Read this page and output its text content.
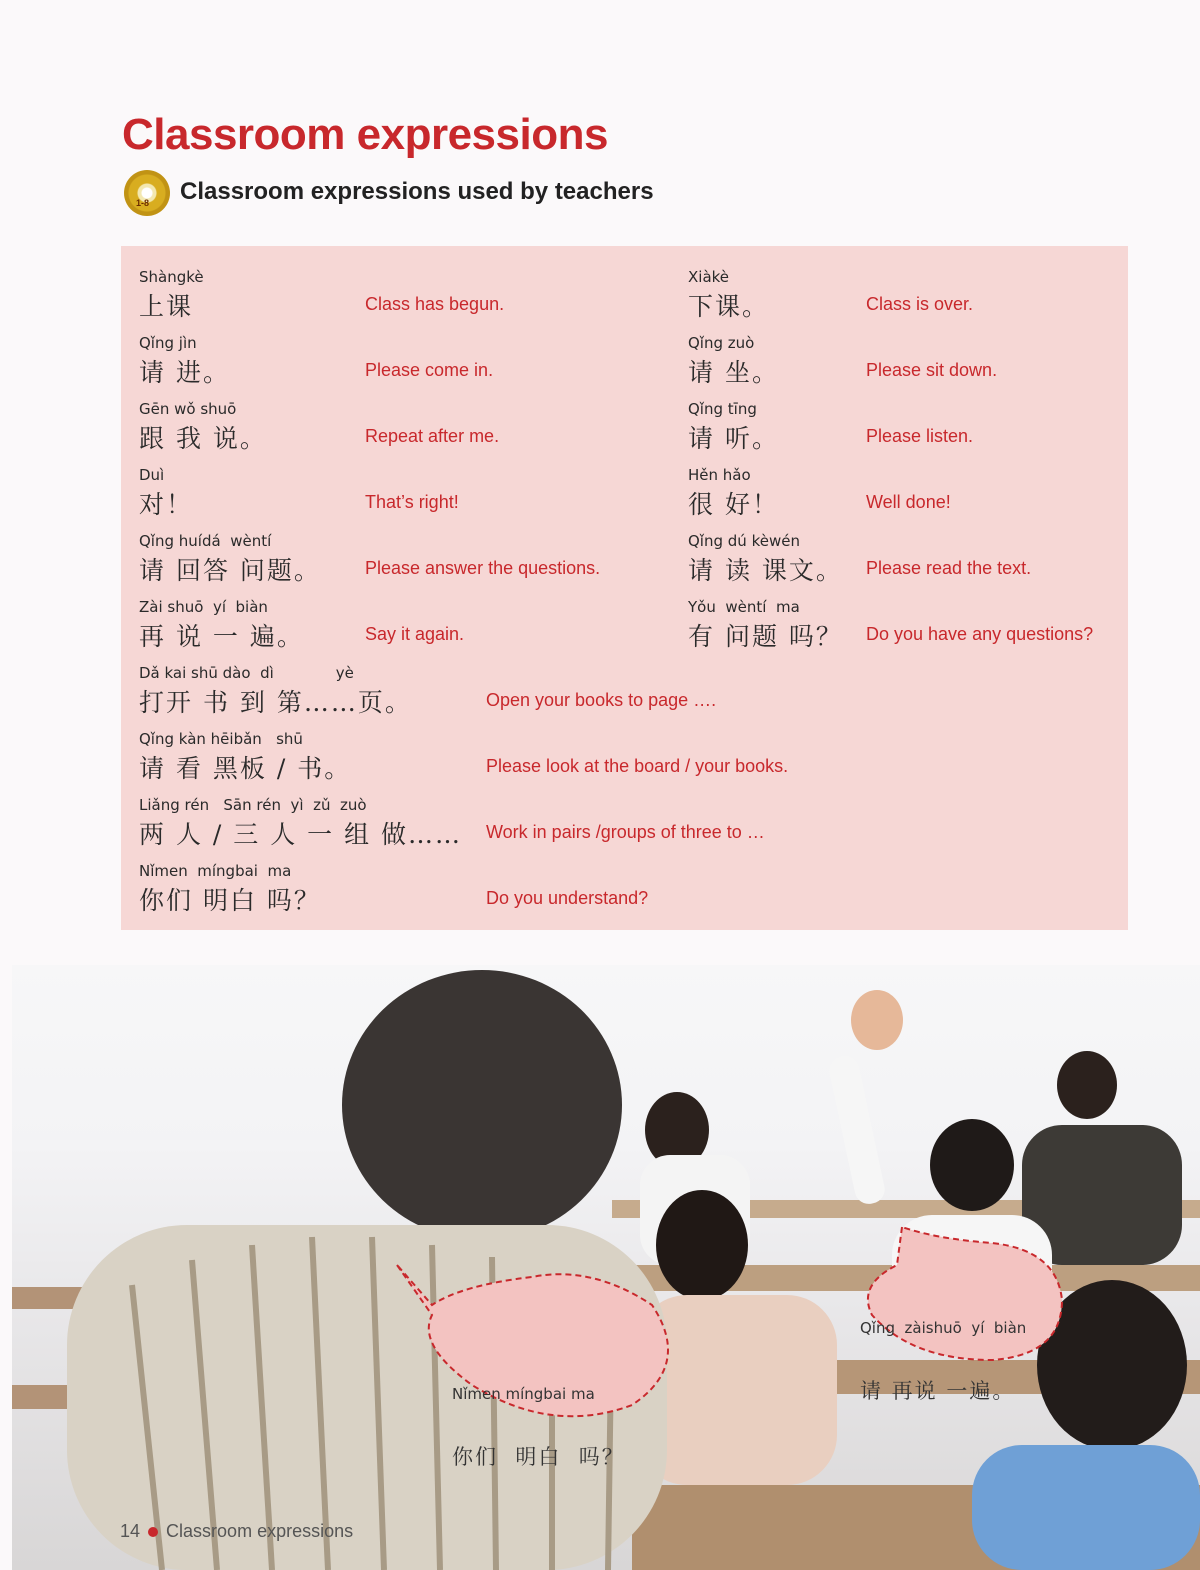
Classroom expressions
1-8 Classroom expressions used by teachers
Shàngkè
上课	Class has begun.
Xiàkè
下课。	Class is over.
Qǐng jìn
请 进。	Please come in.
Qǐng zuò
请 坐。	Please sit down.
Gēn wǒ shuō
跟 我 说。	Repeat after me.
Qǐng tīng
请 听。	Please listen.
Duì
对！	That’s right!
Hěn hǎo
很 好！	Well done!
Qǐng huídá  wèntí
请 回答 问题。 Please answer the questions.
Qǐng dú kèwén
请 读 课文。 Please read the text.
Zài shuō  yí  biàn
再 说 一 遍。	Say it again.
Yǒu  wèntí  ma
有 问题 吗？ Do you have any questions?
Dǎ kai shū dào  dì             yè
打开 书 到 第……页。	Open your books to page ….
Qǐng kàn hēibǎn   shū
请 看 黑板 / 书。	Please look at the board / your books.
Liǎng rén   Sān rén  yì  zǔ  zuò
两 人 / 三 人 一 组 做…… Work in pairs /groups of three to …
Nǐmen  míngbai  ma
你们 明白 吗？	Do you understand?

Nǐmen míngbai ma

你们  明白  吗？

Qǐng  zàishuō  yí  biàn

请 再说 一遍。

14 Classroom expressions
